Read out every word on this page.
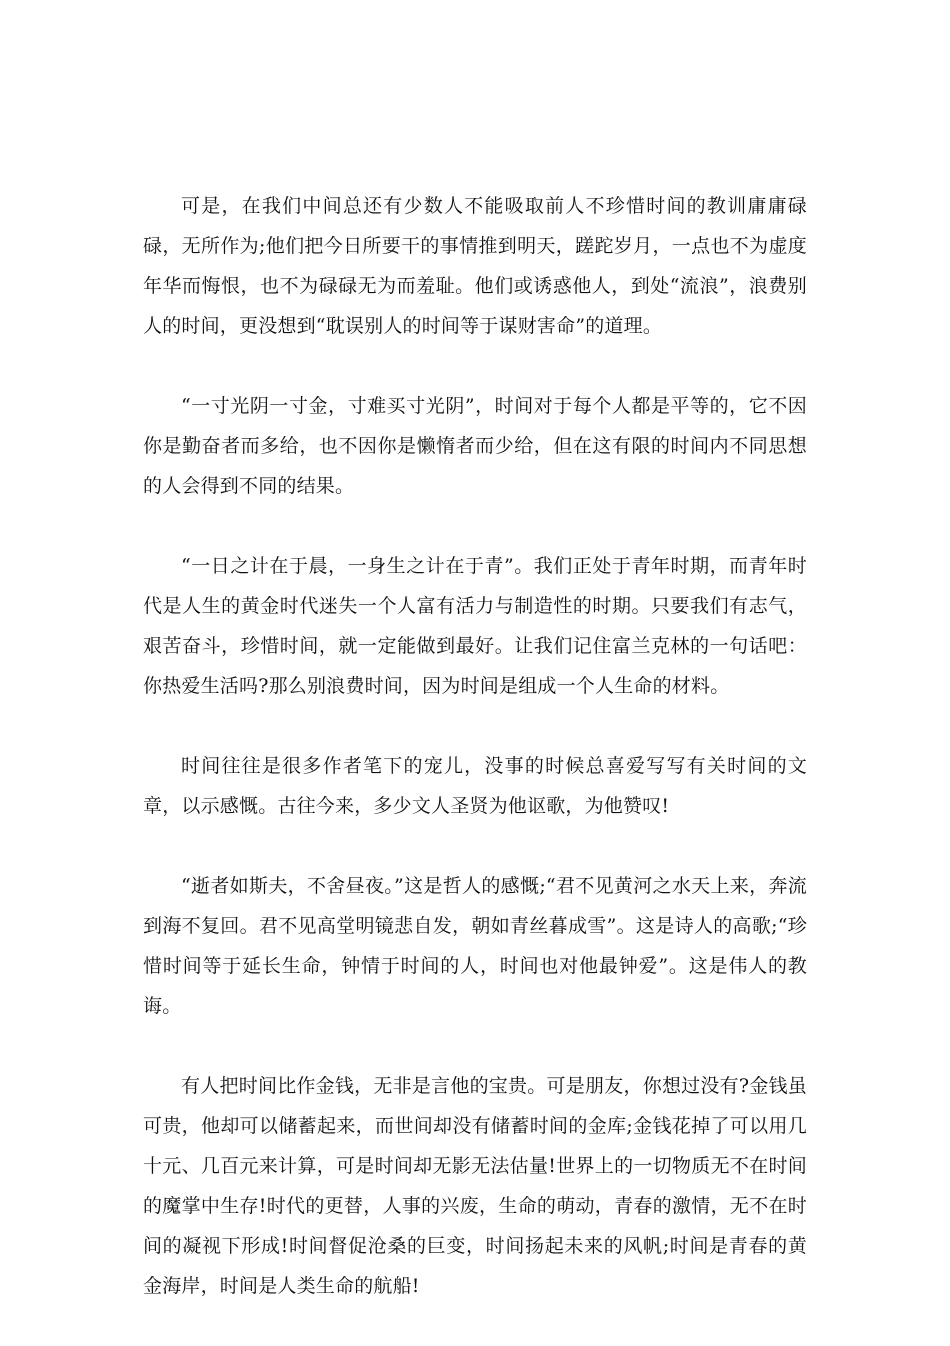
可是，在我们中间总还有少数人不能吸取前人不珍惜时间的教训庸庸碌碌，无所作为;他们把今日所要干的事情推到明天，蹉跎岁月，一点也不为虚度年华而悔恨，也不为碌碌无为而羞耻。他们或诱惑他人，到处“流浪”，浪费别人的时间，更没想到“耽误别人的时间等于谋财害命”的道理。

“一寸光阴一寸金，寸难买寸光阴”，时间对于每个人都是平等的，它不因你是勤奋者而多给，也不因你是懒惰者而少给，但在这有限的时间内不同思想的人会得到不同的结果。

“一日之计在于晨，一身生之计在于青”。我们正处于青年时期，而青年时代是人生的黄金时代迷失一个人富有活力与制造性的时期。只要我们有志气，艰苦奋斗，珍惜时间，就一定能做到最好。让我们记住富兰克林的一句话吧：你热爱生活吗?那么别浪费时间，因为时间是组成一个人生命的材料。

时间往往是很多作者笔下的宠儿，没事的时候总喜爱写写有关时间的文章，以示感慨。古往今来，多少文人圣贤为他讴歌，为他赞叹!

“逝者如斯夫，不舍昼夜。”这是哲人的感慨;“君不见黄河之水天上来，奔流到海不复回。君不见高堂明镜悲自发，朝如青丝暮成雪”。这是诗人的高歌;“珍惜时间等于延长生命，钟情于时间的人，时间也对他最钟爱”。这是伟人的教诲。

有人把时间比作金钱，无非是言他的宝贵。可是朋友，你想过没有?金钱虽可贵，他却可以储蓄起来，而世间却没有储蓄时间的金库;金钱花掉了可以用几十元、几百元来计算，可是时间却无影无法估量!世界上的一切物质无不在时间的魔掌中生存!时代的更替，人事的兴废，生命的萌动，青春的激情，无不在时间的凝视下形成!时间督促沧桑的巨变，时间扬起未来的风帆;时间是青春的黄金海岸，时间是人类生命的航船!
